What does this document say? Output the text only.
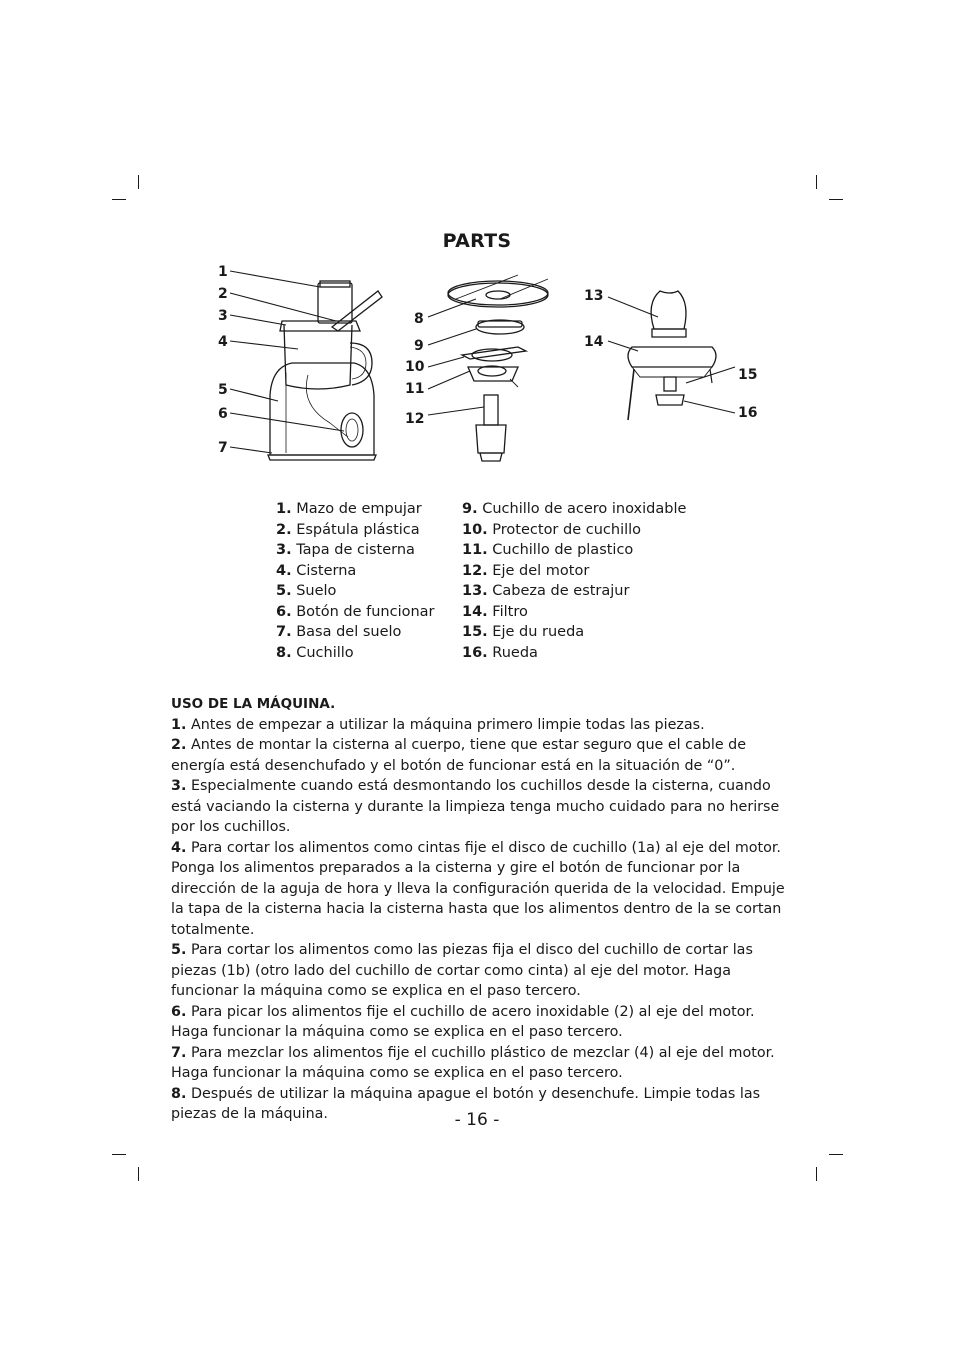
PARTS
1
2
3
4
5
6
7
8
9
10
11
12
13
14
15
16
1. Mazo de empujar
2. Espátula plástica
3. Tapa de cisterna
4. Cisterna
5. Suelo
6. Botón de funcionar
7. Basa del suelo
8. Cuchillo
9. Cuchillo de acero inoxidable
10. Protector de cuchillo
11. Cuchillo de plastico
12. Eje del motor
13. Cabeza de estrajur
14. Filtro
15. Eje du rueda
16. Rueda
USO DE LA MÁQUINA.

1. Antes de empezar a utilizar la máquina primero limpie todas las piezas.

2. Antes de montar la cisterna al cuerpo, tiene que estar seguro que el cable de energía está desenchufado y el botón de funcionar está en la situación de “0”.

3. Especialmente cuando está desmontando los cuchillos desde la cisterna, cuando está vaciando la cisterna y durante la limpieza tenga mucho cuidado para no herirse por los cuchillos.

4. Para cortar los alimentos como cintas fije el disco de cuchillo (1a) al eje del motor. Ponga los alimentos preparados a la cisterna y gire el botón de funcionar por la dirección de la aguja de hora y lleva la configuración querida de la velocidad. Empuje la tapa de la cisterna hacia la cisterna hasta que los alimentos dentro de la se cortan totalmente.

5. Para cortar los alimentos como las piezas fija el disco del cuchillo de cortar las piezas (1b) (otro lado del cuchillo de cortar como cinta) al eje del motor. Haga funcionar la máquina como se explica en el paso tercero.

6. Para picar los alimentos fije el cuchillo de acero inoxidable (2) al eje del motor. Haga funcionar la máquina como se explica en el paso tercero.

7. Para mezclar los alimentos fije el cuchillo plástico de mezclar (4) al eje del motor. Haga funcionar la máquina como se explica en el paso tercero.

8. Después de utilizar la máquina apague el botón y desenchufe. Limpie todas las piezas de la máquina.	- 16 -
